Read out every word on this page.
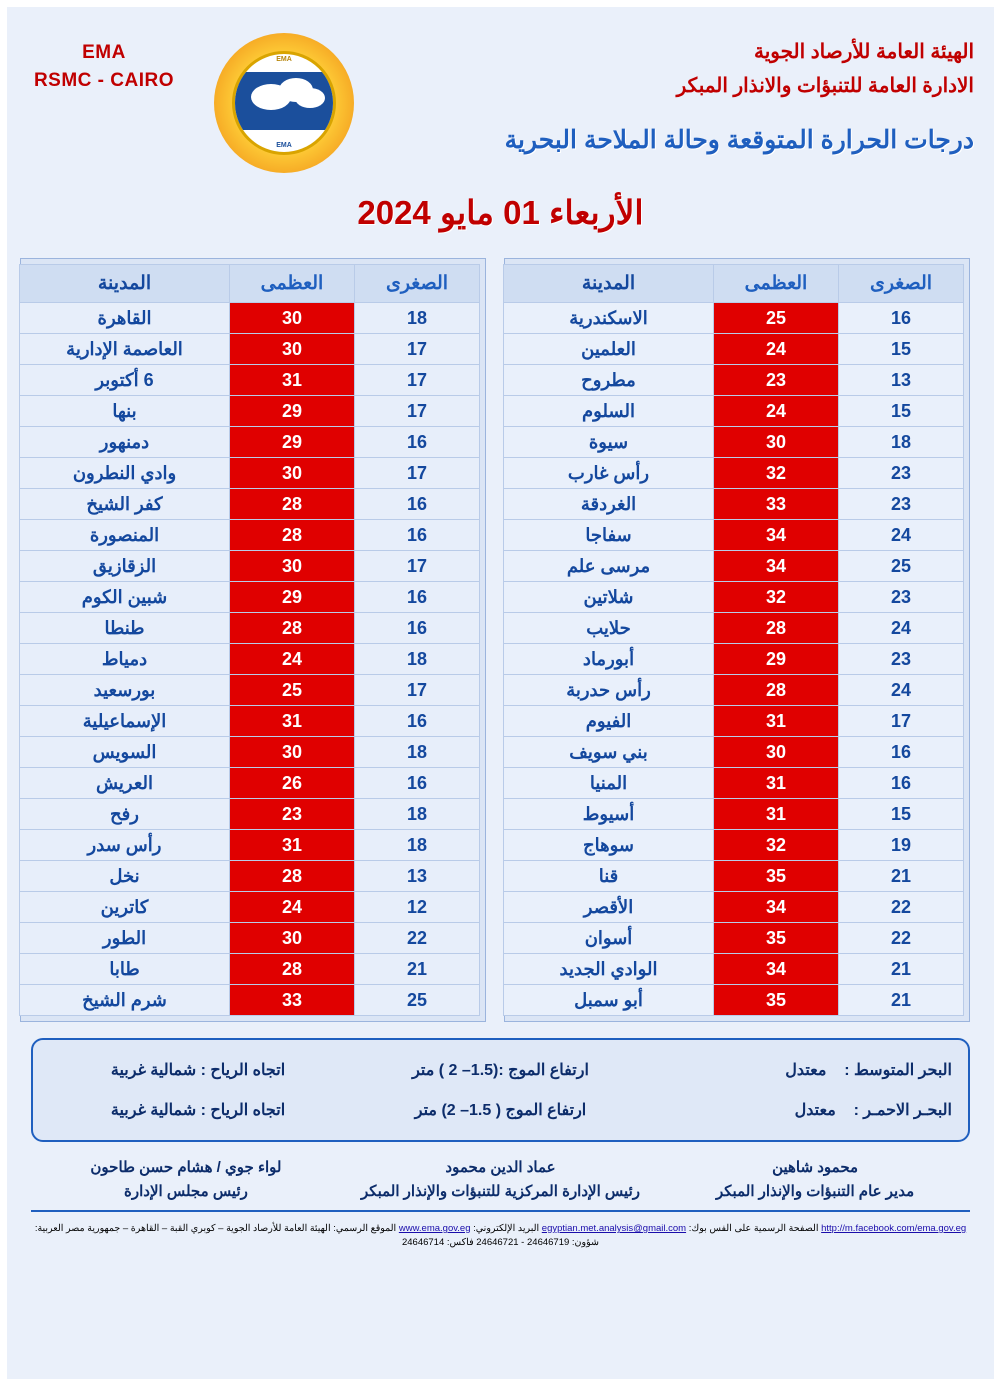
EMA
RSMC - CAIRO
EMA
EMA
الهيئة العامة للأرصاد الجوية
الادارة العامة للتنبؤات والانذار المبكر
درجات الحرارة المتوقعة وحالة الملاحة البحرية
الأربعاء 01 مايو 2024
الصغرى	العظمى	المدينة
16	25	الاسكندرية
15	24	العلمين
13	23	مطروح
15	24	السلوم
18	30	سيوة
23	32	رأس غارب
23	33	الغردقة
24	34	سفاجا
25	34	مرسى علم
23	32	شلاتين
24	28	حلايب
23	29	أبورماد
24	28	رأس حدربة
17	31	الفيوم
16	30	بني سويف
16	31	المنيا
15	31	أسيوط
19	32	سوهاج
21	35	قنا
22	34	الأقصر
22	35	أسوان
21	34	الوادي الجديد
21	35	أبو سمبل
الصغرى	العظمى	المدينة
18	30	القاهرة
17	30	العاصمة الإدارية
17	31	6 أكتوبر
17	29	بنها
16	29	دمنهور
17	30	وادي النطرون
16	28	كفر الشيخ
16	28	المنصورة
17	30	الزقازيق
16	29	شبين الكوم
16	28	طنطا
18	24	دمياط
17	25	بورسعيد
16	31	الإسماعيلية
18	30	السويس
16	26	العريش
18	23	رفح
18	31	رأس سدر
13	28	نخل
12	24	كاترين
22	30	الطور
21	28	طابا
25	33	شرم الشيخ
البحر المتوسط :    معتدل
ارتفاع الموج :(1.5– 2 ) متر
اتجاه الرياح : شمالية غربية
البحـر الاحمـر :    معتدل
ارتفاع الموج ( 1.5– 2) متر
اتجاه الرياح : شمالية غربية
محمود شاهين
مدير عام التنبؤات والإنذار المبكر
عماد الدين محمود
رئيس الإدارة المركزية للتنبؤات والإنذار المبكر
لواء جوي / هشام حسن طاحون
رئيس مجلس الإدارة
http://m.facebook.com/ema.gov.eg الصفحة الرسمية على الفس بوك: egyptian.met.analysis@gmail.com البريد الإلكتروني: www.ema.gov.eg الموقع الرسمي: الهيئة العامة للأرصاد الجوية – كوبري القبة – القاهرة – جمهورية مصر العربية: شؤون: 24646719 - 24646721 فاكس: 24646714
